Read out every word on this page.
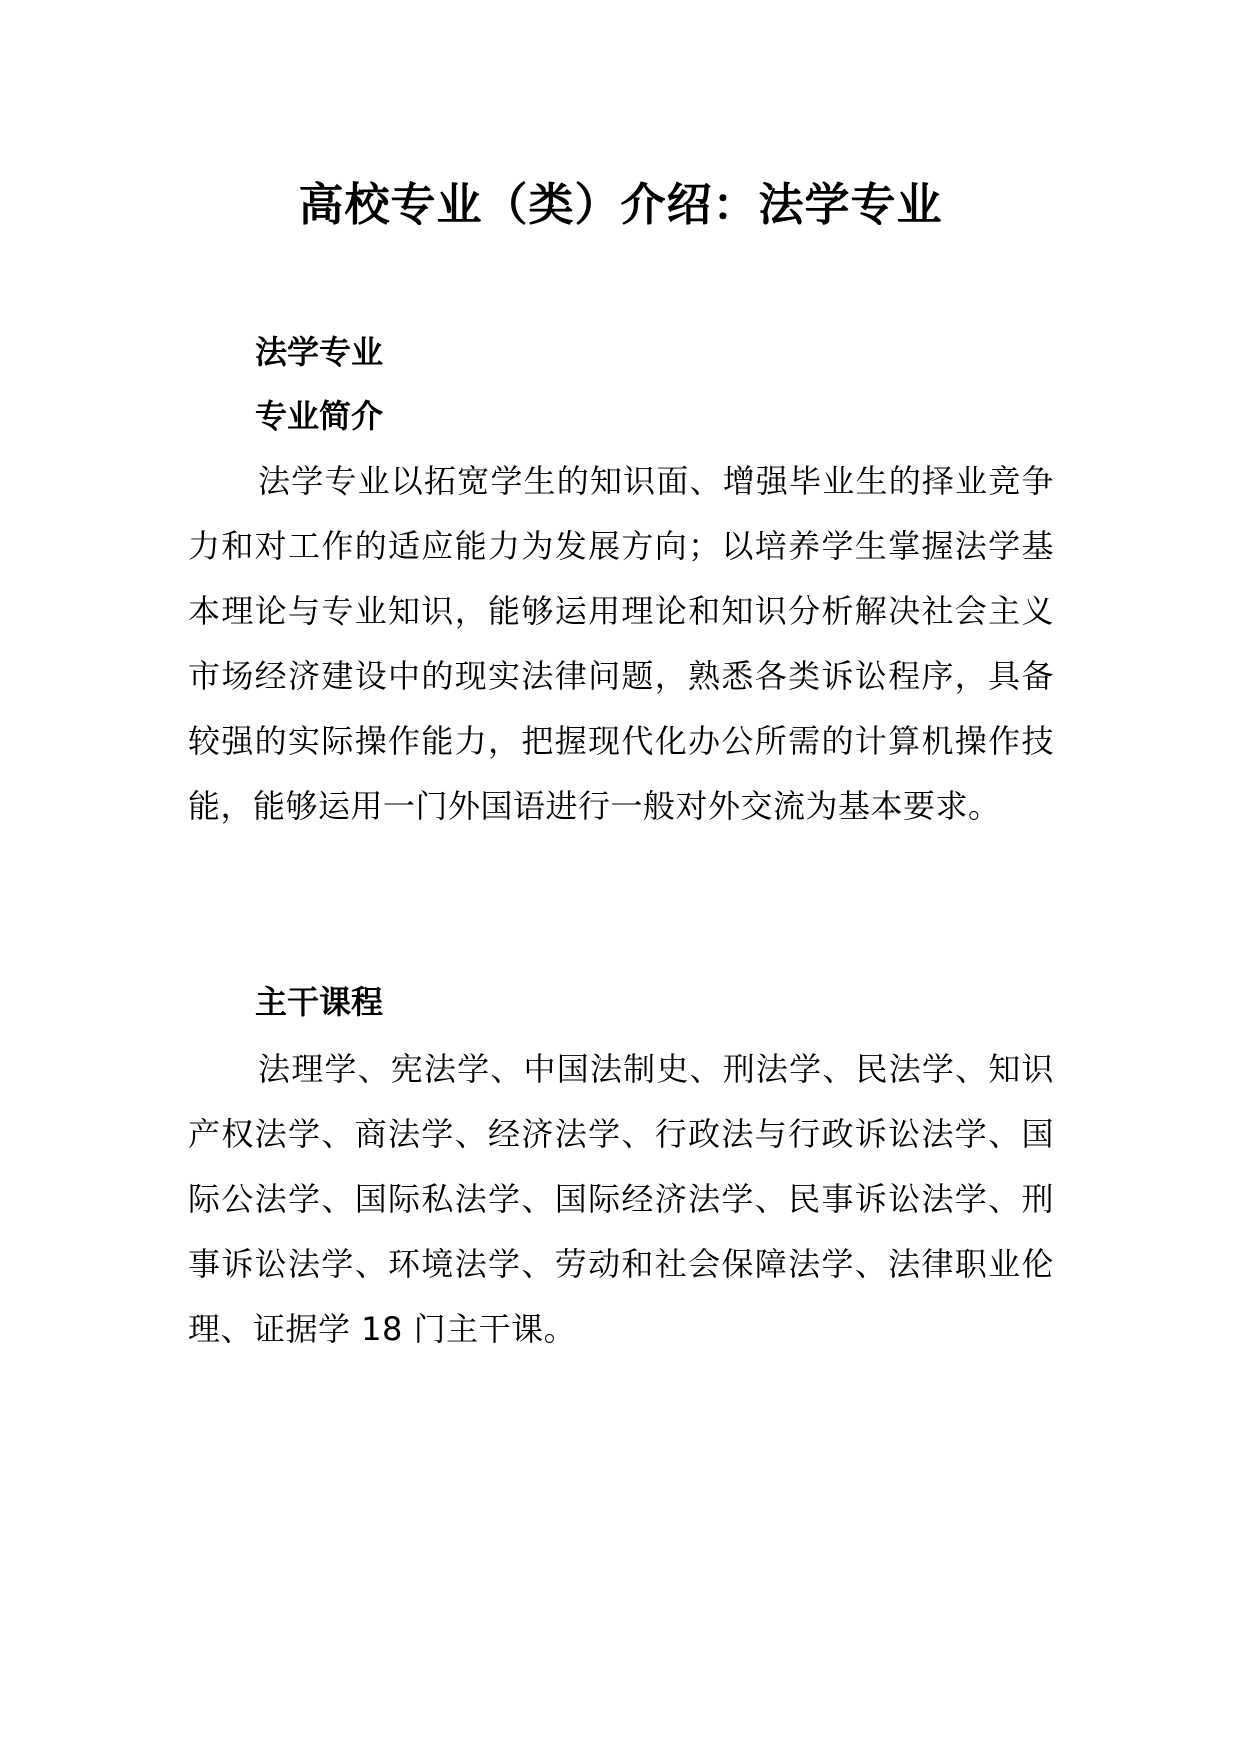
高校专业（类）介绍：法学专业
法学专业
专业简介

法学专业以拓宽学生的知识面、增强毕业生的择业竞争力和对工作的适应能力为发展方向；以培养学生掌握法学基本理论与专业知识，能够运用理论和知识分析解决社会主义市场经济建设中的现实法律问题，熟悉各类诉讼程序，具备较强的实际操作能力，把握现代化办公所需的计算机操作技能，能够运用一门外国语进行一般对外交流为基本要求。

主干课程

法理学、宪法学、中国法制史、刑法学、民法学、知识产权法学、商法学、经济法学、行政法与行政诉讼法学、国际公法学、国际私法学、国际经济法学、民事诉讼法学、刑事诉讼法学、环境法学、劳动和社会保障法学、法律职业伦理、证据学 18 门主干课。
